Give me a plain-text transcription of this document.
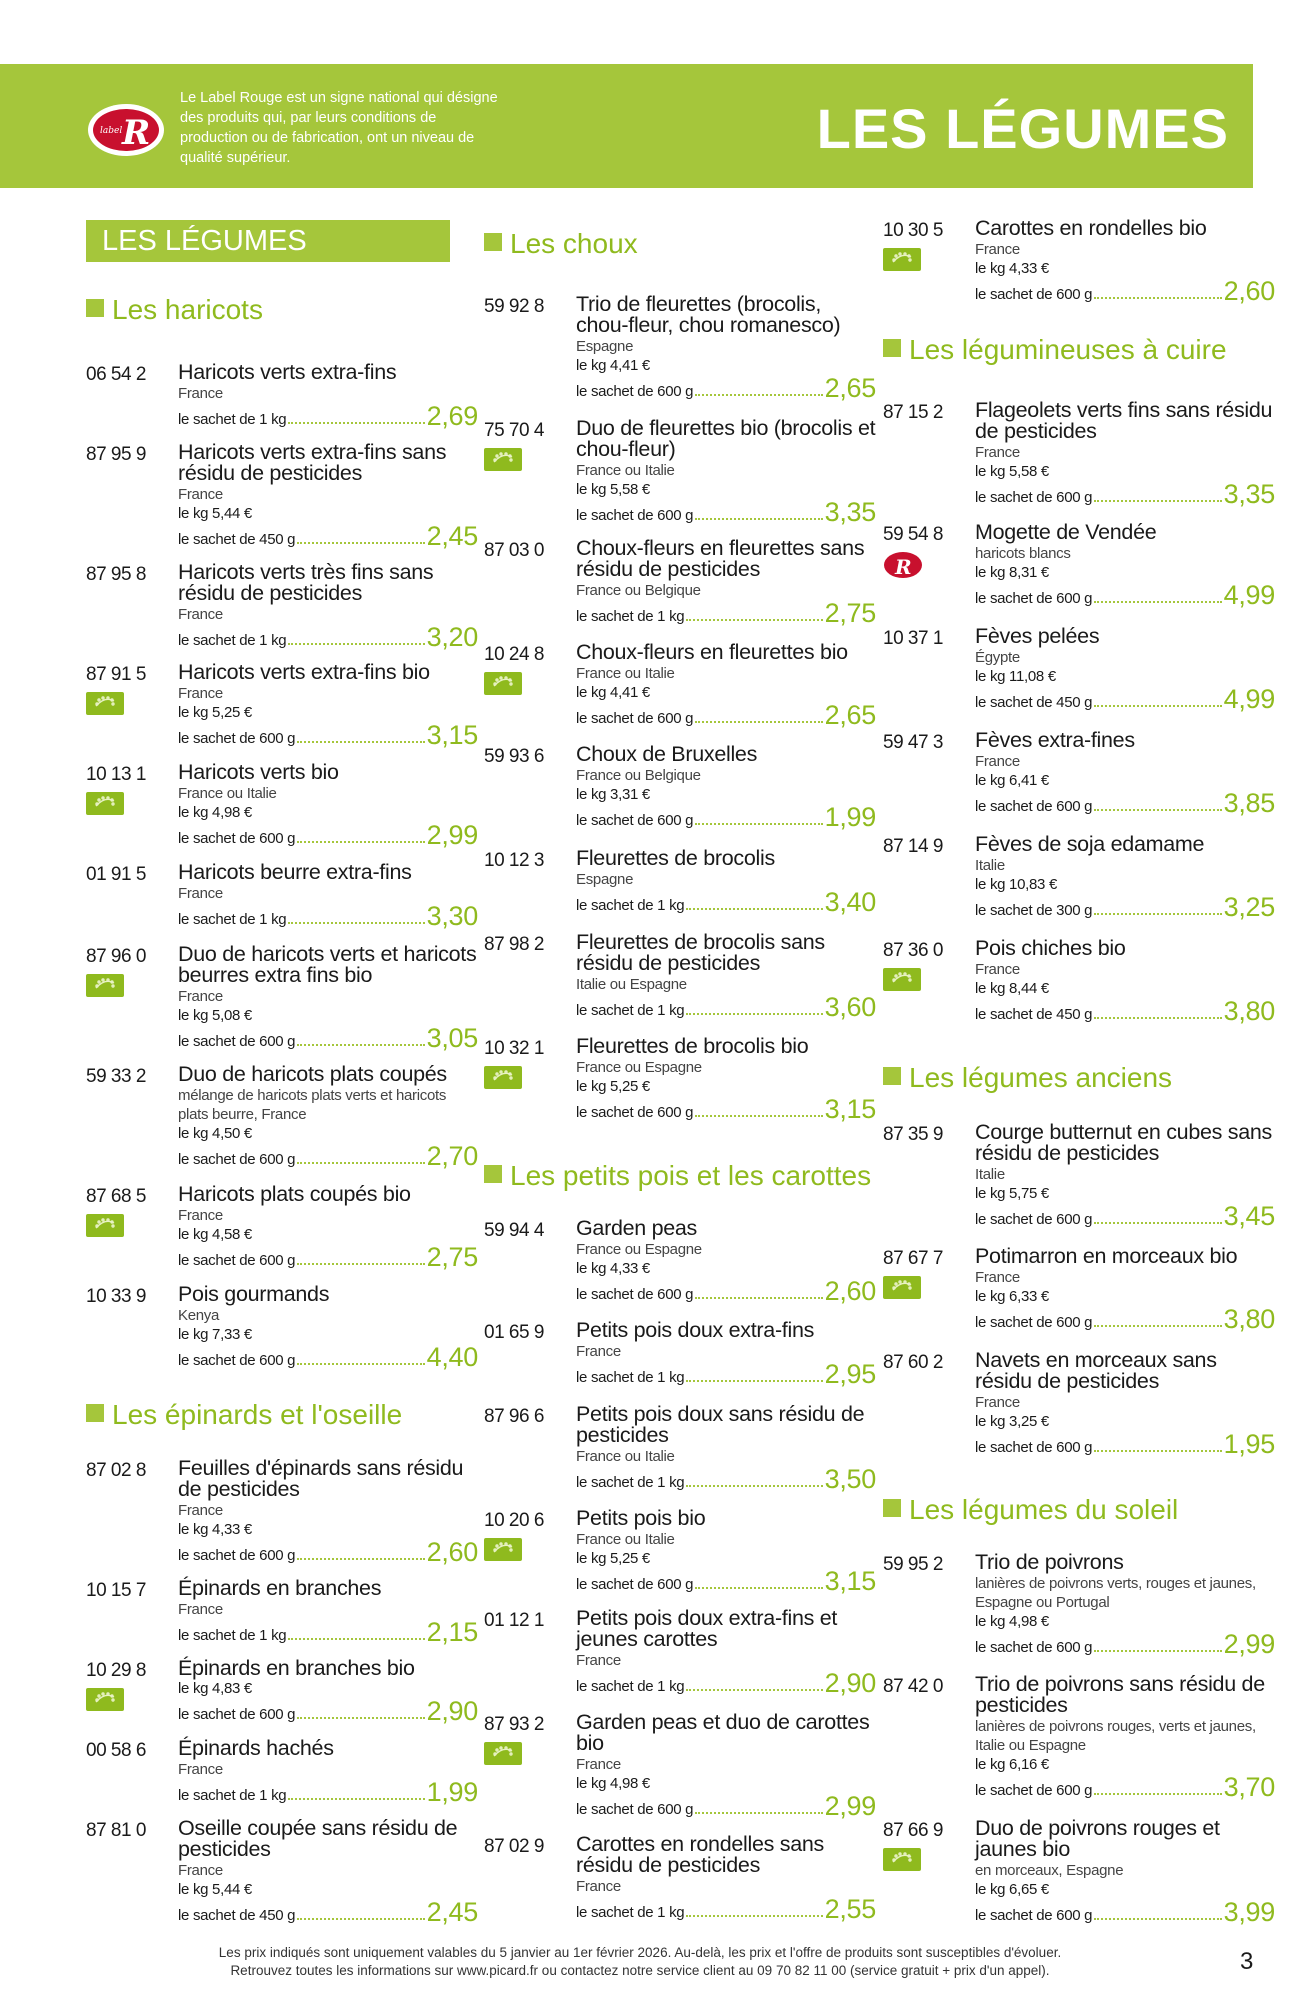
label R
Le Label Rouge est un signe national qui désigne des produits qui, par leurs conditions de production ou de fabrication, ont un niveau de qualité supérieur.	LES LÉGUMES
LES LÉGUMES
Les haricots
Les épinards et l'oseille
Les choux
Les petits pois et les carottes
Les légumineuses à cuire
Les légumes anciens
Les légumes du soleil
06 54 2 Haricots verts extra-fins
France
le sachet de 1 kg	2,69
87 95 9 Haricots verts extra-fins sans résidu de pesticides
France
le kg 5,44 €
le sachet de 450 g	2,45
87 95 8 Haricots verts très fins sans résidu de pesticides
France
le sachet de 1 kg	3,20
87 91 5 Haricots verts extra-fins bio
France
le kg 5,25 €
le sachet de 600 g	3,15
10 13 1 Haricots verts bio
France ou Italie
le kg 4,98 €
le sachet de 600 g	2,99
01 91 5 Haricots beurre extra-fins
France
le sachet de 1 kg	3,30
87 96 0 Duo de haricots verts et haricots beurres extra fins bio
France
le kg 5,08 €
le sachet de 600 g	3,05
59 33 2 Duo de haricots plats coupés
mélange de haricots plats verts et haricots plats beurre, France
le kg 4,50 €
le sachet de 600 g	2,70
87 68 5 Haricots plats coupés bio
France
le kg 4,58 €
le sachet de 600 g	2,75
10 33 9 Pois gourmands
Kenya
le kg 7,33 €
le sachet de 600 g	4,40
87 02 8 Feuilles d'épinards sans résidu de pesticides
France
le kg 4,33 €
le sachet de 600 g	2,60
10 15 7 Épinards en branches
France
le sachet de 1 kg	2,15
10 29 8 Épinards en branches bio
le kg 4,83 €
le sachet de 600 g	2,90
00 58 6 Épinards hachés
France
le sachet de 1 kg	1,99
87 81 0 Oseille coupée sans résidu de pesticides
France
le kg 5,44 €
le sachet de 450 g	2,45
59 92 8 Trio de fleurettes (brocolis, chou-fleur, chou romanesco)
Espagne
le kg 4,41 €
le sachet de 600 g	2,65
75 70 4 Duo de fleurettes bio (brocolis et chou-fleur)
France ou Italie
le kg 5,58 €
le sachet de 600 g	3,35
87 03 0 Choux-fleurs en fleurettes sans résidu de pesticides
France ou Belgique
le sachet de 1 kg	2,75
10 24 8 Choux-fleurs en fleurettes bio
France ou Italie
le kg 4,41 €
le sachet de 600 g	2,65
59 93 6 Choux de Bruxelles
France ou Belgique
le kg 3,31 €
le sachet de 600 g	1,99
10 12 3 Fleurettes de brocolis
Espagne
le sachet de 1 kg	3,40
87 98 2 Fleurettes de brocolis sans résidu de pesticides
Italie ou Espagne
le sachet de 1 kg	3,60
10 32 1 Fleurettes de brocolis bio
France ou Espagne
le kg 5,25 €
le sachet de 600 g	3,15
59 94 4 Garden peas
France ou Espagne
le kg 4,33 €
le sachet de 600 g	2,60
01 65 9 Petits pois doux extra-fins
France
le sachet de 1 kg	2,95
87 96 6 Petits pois doux sans résidu de pesticides
France ou Italie
le sachet de 1 kg	3,50
10 20 6 Petits pois bio
France ou Italie
le kg 5,25 €
le sachet de 600 g	3,15
01 12 1 Petits pois doux extra-fins et jeunes carottes
France
le sachet de 1 kg	2,90
87 93 2 Garden peas et duo de carottes bio
France
le kg 4,98 €
le sachet de 600 g	2,99
87 02 9 Carottes en rondelles sans résidu de pesticides
France
le sachet de 1 kg	2,55
10 30 5 Carottes en rondelles bio
France
le kg 4,33 €
le sachet de 600 g	2,60
87 15 2 Flageolets verts fins sans résidu de pesticides
France
le kg 5,58 €
le sachet de 600 g	3,35
59 54 8
R
Mogette de Vendée
haricots blancs
le kg 8,31 €
le sachet de 600 g	4,99
10 37 1 Fèves pelées
Égypte
le kg 11,08 €
le sachet de 450 g	4,99
59 47 3 Fèves extra-fines
France
le kg 6,41 €
le sachet de 600 g	3,85
87 14 9 Fèves de soja edamame
Italie
le kg 10,83 €
le sachet de 300 g	3,25
87 36 0 Pois chiches bio
France
le kg 8,44 €
le sachet de 450 g	3,80
87 35 9 Courge butternut en cubes sans résidu de pesticides
Italie
le kg 5,75 €
le sachet de 600 g	3,45
87 67 7 Potimarron en morceaux bio
France
le kg 6,33 €
le sachet de 600 g	3,80
87 60 2 Navets en morceaux sans résidu de pesticides
France
le kg 3,25 €
le sachet de 600 g	1,95
59 95 2 Trio de poivrons
lanières de poivrons verts, rouges et jaunes, Espagne ou Portugal
le kg 4,98 €
le sachet de 600 g	2,99
87 42 0 Trio de poivrons sans résidu de pesticides
lanières de poivrons rouges, verts et jaunes, Italie ou Espagne
le kg 6,16 €
le sachet de 600 g	3,70
87 66 9 Duo de poivrons rouges et jaunes bio
en morceaux, Espagne
le kg 6,65 €
le sachet de 600 g	3,99
Les prix indiqués sont uniquement valables du 5 janvier au 1er février 2026. Au-delà, les prix et l'offre de produits sont susceptibles d'évoluer.
Retrouvez toutes les informations sur www.picard.fr ou contactez notre service client au 09 70 82 11 00 (service gratuit + prix d'un appel).	3
